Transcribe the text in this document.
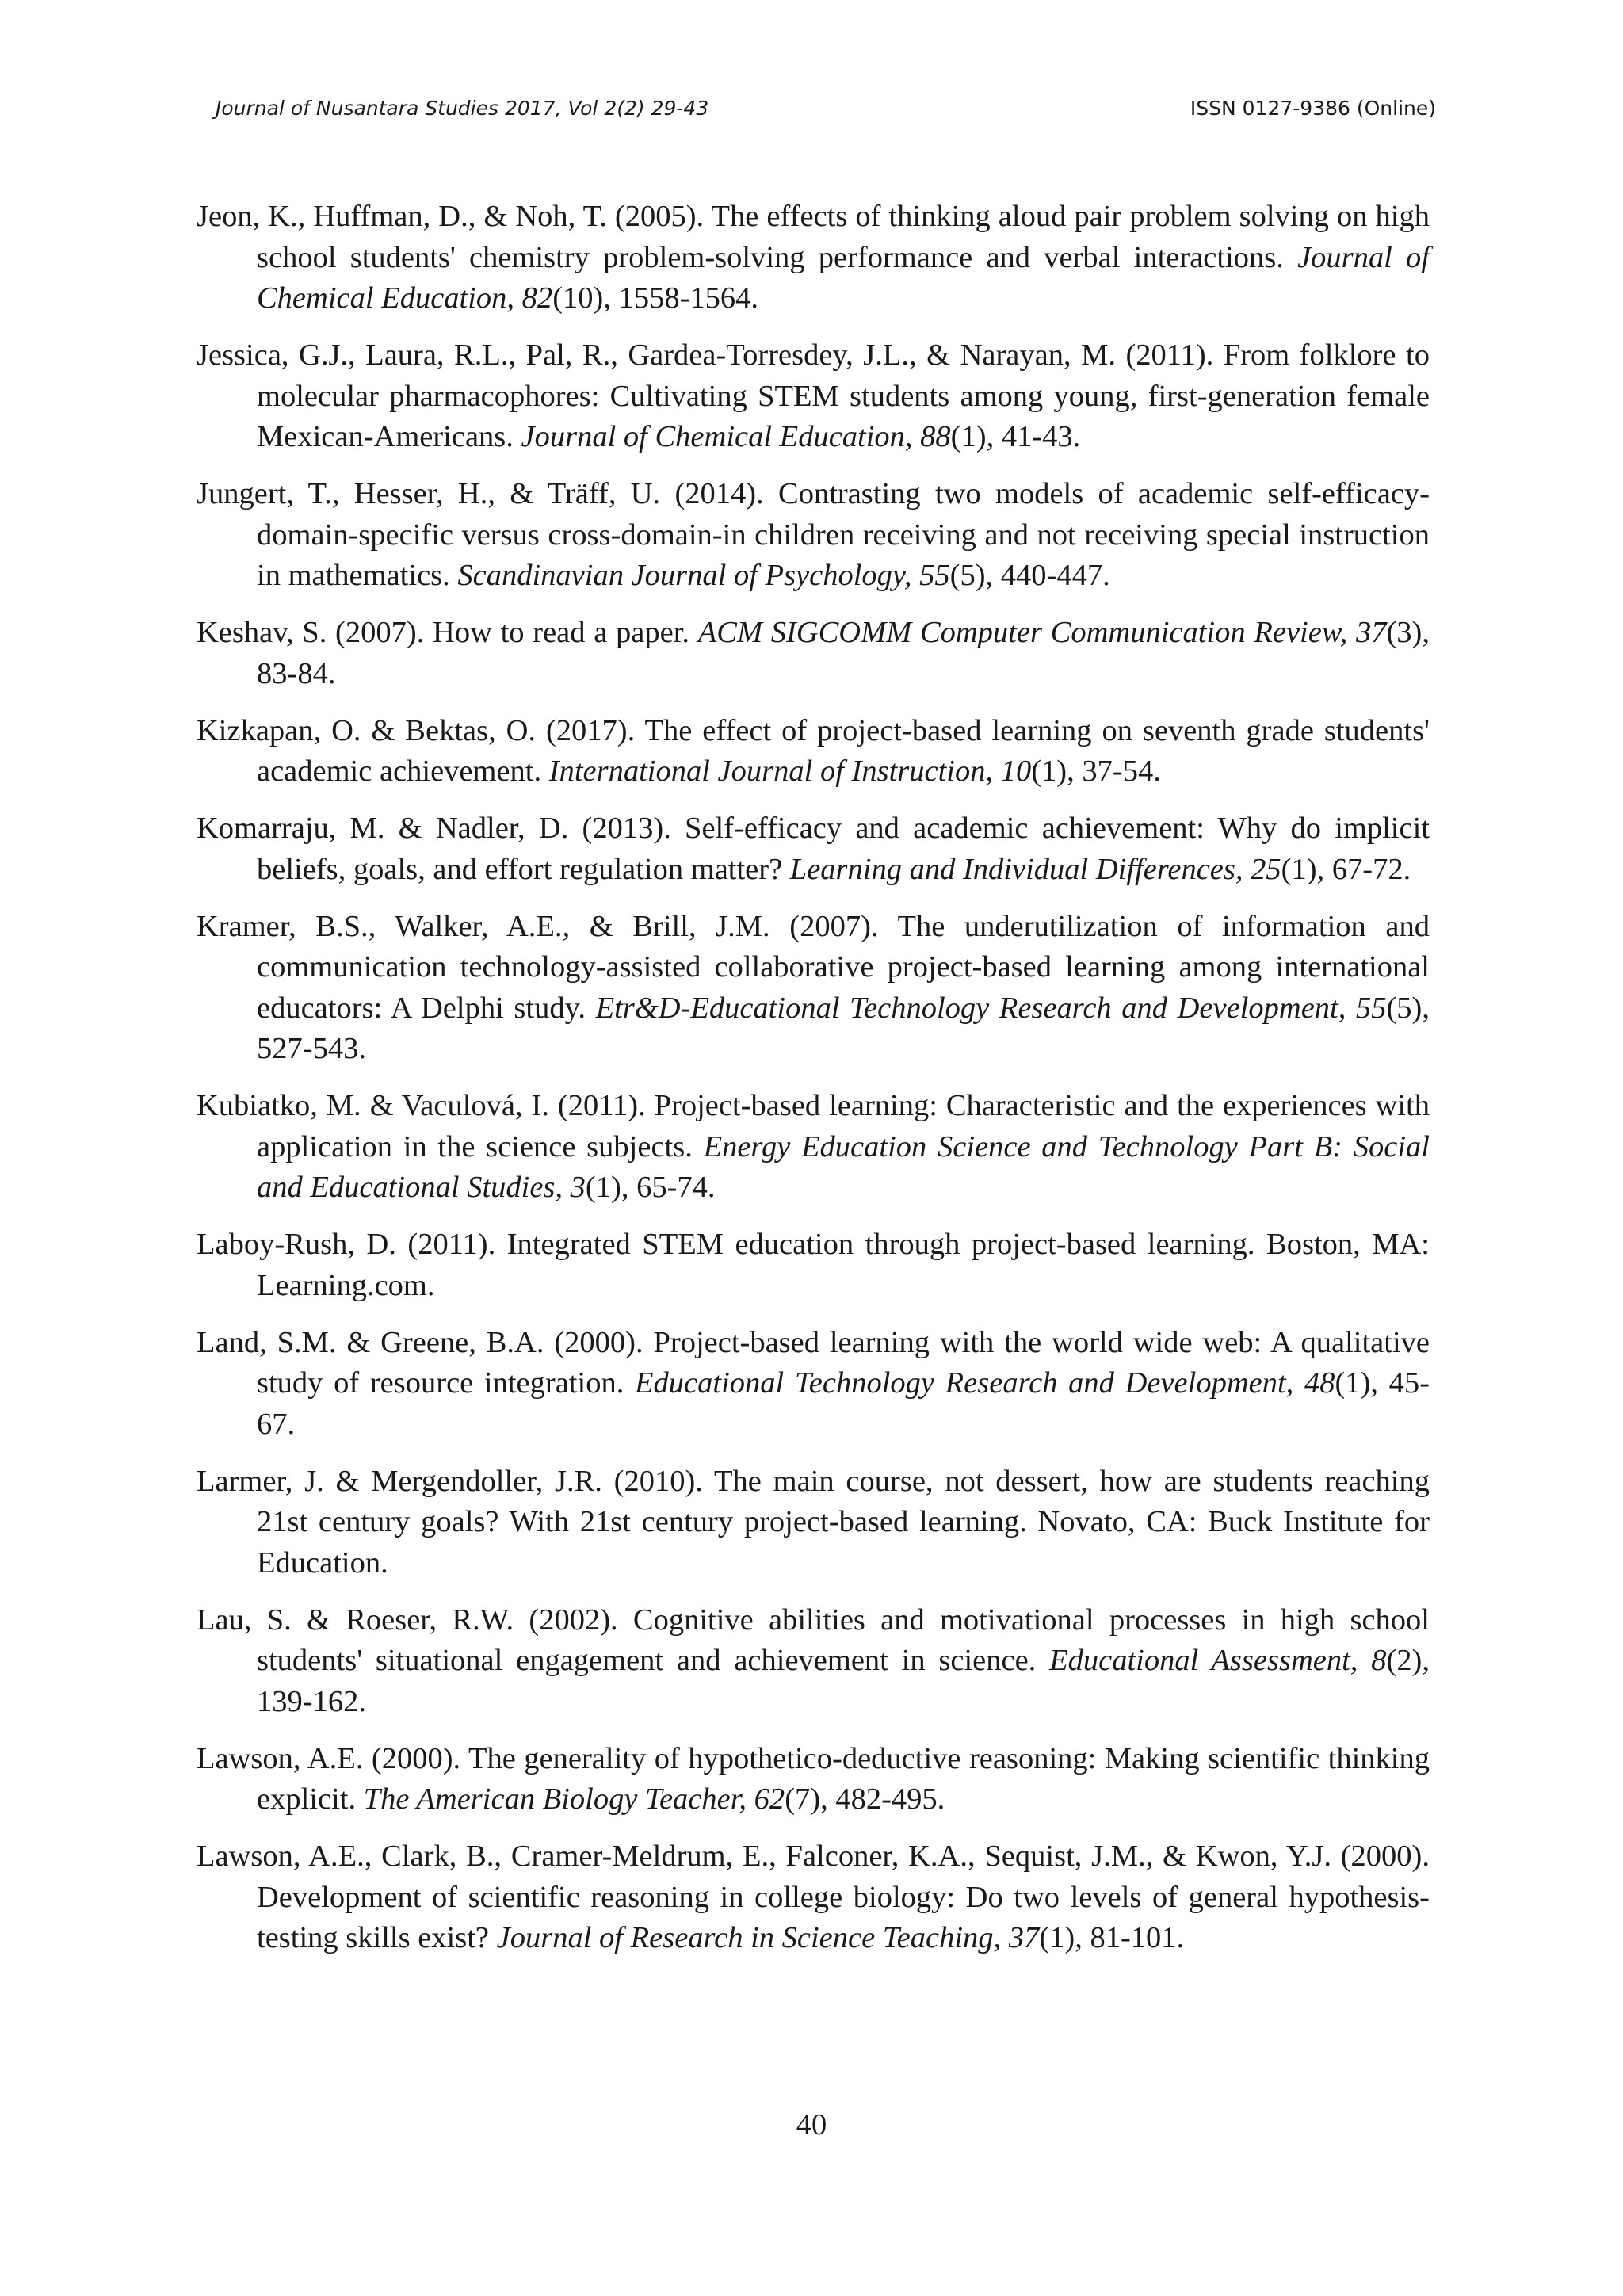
Journal of Nusantara Studies 2017, Vol 2(2) 29-43	ISSN 0127-9386 (Online)

Jeon, K., Huffman, D., & Noh, T. (2005). The effects of thinking aloud pair problem solving on high school students' chemistry problem-solving performance and verbal interactions. Journal of Chemical Education, 82(10), 1558-1564.

Jessica, G.J., Laura, R.L., Pal, R., Gardea-Torresdey, J.L., & Narayan, M. (2011). From folklore to molecular pharmacophores: Cultivating STEM students among young, first-generation female Mexican-Americans. Journal of Chemical Education, 88(1), 41-43.

Jungert, T., Hesser, H., & Träff, U. (2014). Contrasting two models of academic self-efficacy-domain-specific versus cross-domain-in children receiving and not receiving special instruction in mathematics. Scandinavian Journal of Psychology, 55(5), 440-447.

Keshav, S. (2007). How to read a paper. ACM SIGCOMM Computer Communication Review, 37(3), 83-84.

Kizkapan, O. & Bektas, O. (2017). The effect of project-based learning on seventh grade students' academic achievement. International Journal of Instruction, 10(1), 37-54.

Komarraju, M. & Nadler, D. (2013). Self-efficacy and academic achievement: Why do implicit beliefs, goals, and effort regulation matter? Learning and Individual Differences, 25(1), 67-72.

Kramer, B.S., Walker, A.E., & Brill, J.M. (2007). The underutilization of information and communication technology-assisted collaborative project-based learning among international educators: A Delphi study. Etr&D-Educational Technology Research and Development, 55(5), 527-543.

Kubiatko, M. & Vaculová, I. (2011). Project-based learning: Characteristic and the experiences with application in the science subjects. Energy Education Science and Technology Part B: Social and Educational Studies, 3(1), 65-74.

Laboy-Rush, D. (2011). Integrated STEM education through project-based learning. Boston, MA: Learning.com.

Land, S.M. & Greene, B.A. (2000). Project-based learning with the world wide web: A qualitative study of resource integration. Educational Technology Research and Development, 48(1), 45-67.

Larmer, J. & Mergendoller, J.R. (2010). The main course, not dessert, how are students reaching 21st century goals? With 21st century project-based learning. Novato, CA: Buck Institute for Education.

Lau, S. & Roeser, R.W. (2002). Cognitive abilities and motivational processes in high school students' situational engagement and achievement in science. Educational Assessment, 8(2), 139-162.

Lawson, A.E. (2000). The generality of hypothetico-deductive reasoning: Making scientific thinking explicit. The American Biology Teacher, 62(7), 482-495.

Lawson, A.E., Clark, B., Cramer-Meldrum, E., Falconer, K.A., Sequist, J.M., & Kwon, Y.J. (2000). Development of scientific reasoning in college biology: Do two levels of general hypothesis-testing skills exist? Journal of Research in Science Teaching, 37(1), 81-101.

40
